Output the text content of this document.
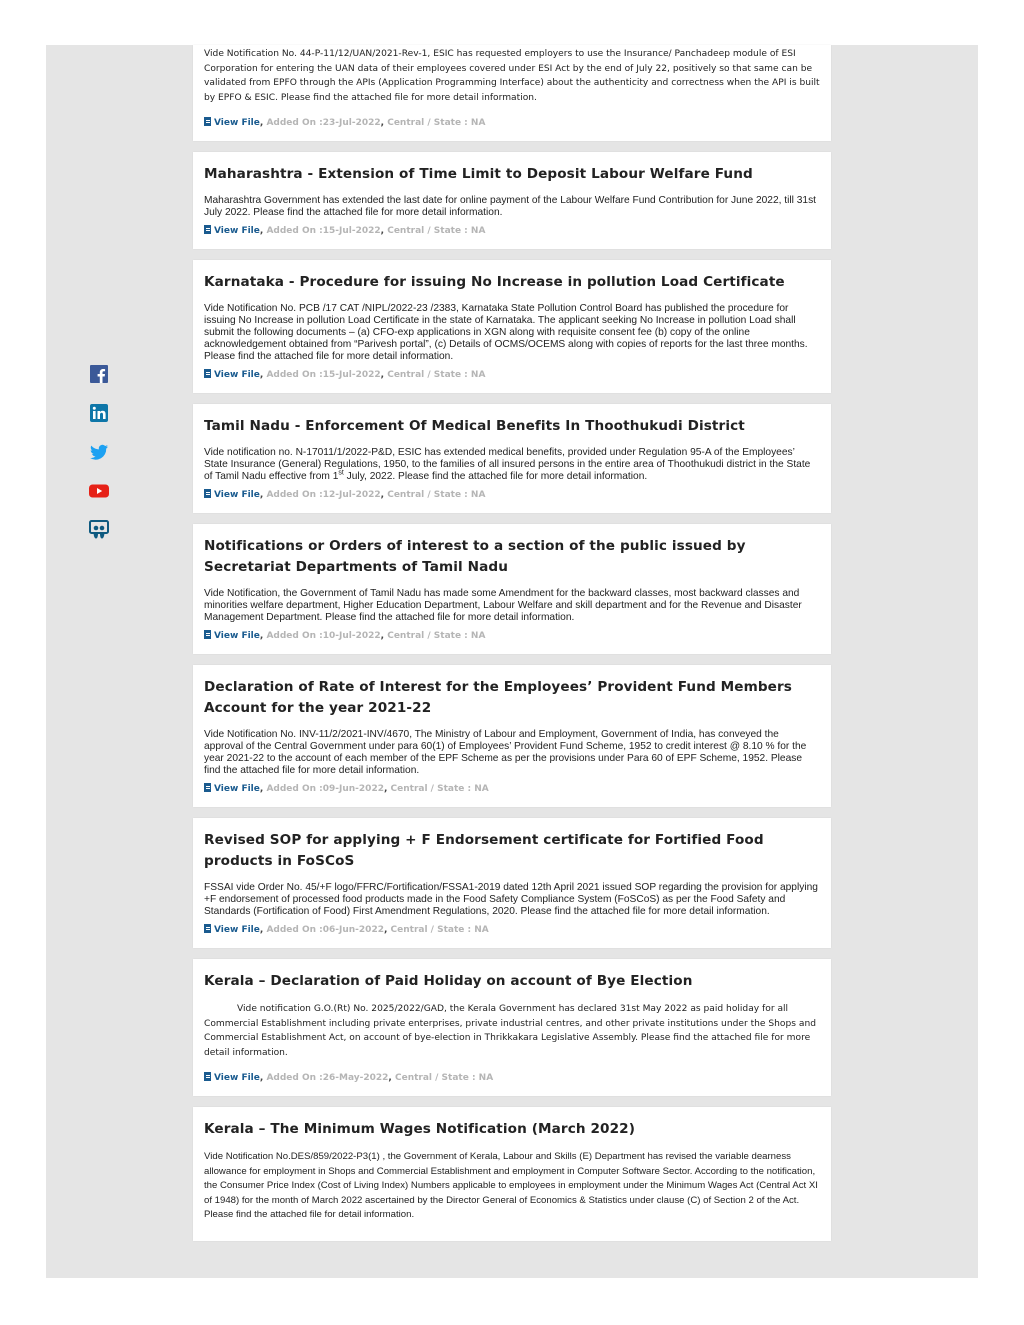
Vide Notification No. 44-P-11/12/UAN/2021-Rev-1, ESIC has requested employers to use the Insurance/ Panchadeep module of ESI Corporation for entering the UAN data of their employees covered under ESI Act by the end of July 22, positively so that same can be validated from EPFO through the APIs (Application Programming Interface) about the authenticity and correctness when the API is built by EPFO & ESIC. Please find the attached file for more detail information.

View File, Added On :23-Jul-2022, Central / State : NA
Maharashtra - Extension of Time Limit to Deposit Labour Welfare Fund

Maharashtra Government has extended the last date for online payment of the Labour Welfare Fund Contribution for June 2022, till 31st July 2022. Please find the attached file for more detail information.

View File, Added On :15-Jul-2022, Central / State : NA
Karnataka - Procedure for issuing No Increase in pollution Load Certificate

Vide Notification No. PCB /17 CAT /NIPL/2022-23 /2383, Karnataka State Pollution Control Board has published the procedure for issuing No Increase in pollution Load Certificate in the state of Karnataka. The applicant seeking No Increase in pollution Load shall submit the following documents – (a) CFO-exp applications in XGN along with requisite consent fee (b) copy of the online acknowledgement obtained from “Parivesh portal”, (c) Details of OCMS/OCEMS along with copies of reports for the last three months. Please find the attached file for more detail information.

View File, Added On :15-Jul-2022, Central / State : NA
Tamil Nadu - Enforcement Of Medical Benefits In Thoothukudi District

Vide notification no. N-17011/1/2022-P&D, ESIC has extended medical benefits, provided under Regulation 95-A of the Employees’ State Insurance (General) Regulations, 1950, to the families of all insured persons in the entire area of Thoothukudi district in the State of Tamil Nadu effective from 1st July, 2022. Please find the attached file for more detail information.

View File, Added On :12-Jul-2022, Central / State : NA
Notifications or Orders of interest to a section of the public issued by Secretariat Departments of Tamil Nadu

Vide Notification, the Government of Tamil Nadu has made some Amendment for the backward classes, most backward classes and minorities welfare department, Higher Education Department, Labour Welfare and skill department and for the Revenue and Disaster Management Department. Please find the attached file for more detail information.

View File, Added On :10-Jul-2022, Central / State : NA
Declaration of Rate of Interest for the Employees’ Provident Fund Members Account for the year 2021-22

Vide Notification No. INV-11/2/2021-INV/4670, The Ministry of Labour and Employment, Government of India, has conveyed the approval of the Central Government under para 60(1) of Employees’ Provident Fund Scheme, 1952 to credit interest @ 8.10 % for the year 2021-22 to the account of each member of the EPF Scheme as per the provisions under Para 60 of EPF Scheme, 1952. Please find the attached file for more detail information.

View File, Added On :09-Jun-2022, Central / State : NA
Revised SOP for applying + F Endorsement certificate for Fortified Food products in FoSCoS

FSSAI vide Order No. 45/+F logo/FFRC/Fortification/FSSA1-2019 dated 12th April 2021 issued SOP regarding the provision for applying +F endorsement of processed food products made in the Food Safety Compliance System (FoSCoS) as per the Food Safety and Standards (Fortification of Food) First Amendment Regulations, 2020. Please find the attached file for more detail information.

View File, Added On :06-Jun-2022, Central / State : NA
Kerala – Declaration of Paid Holiday on account of Bye Election

Vide notification G.O.(Rt) No. 2025/2022/GAD, the Kerala Government has declared 31st May 2022 as paid holiday for all Commercial Establishment including private enterprises, private industrial centres, and other private institutions under the Shops and Commercial Establishment Act, on account of bye-election in Thrikkakara Legislative Assembly. Please find the attached file for more detail information.

View File, Added On :26-May-2022, Central / State : NA
Kerala – The Minimum Wages Notification (March 2022)

Vide Notification No.DES/859/2022-P3(1) , the Government of Kerala, Labour and Skills (E) Department has revised the variable dearness allowance for employment in Shops and Commercial Establishment and employment in Computer Software Sector. According to the notification, the Consumer Price Index (Cost of Living Index) Numbers applicable to employees in employment under the Minimum Wages Act (Central Act XI of 1948) for the month of March 2022 ascertained by the Director General of Economics & Statistics under clause (C) of Section 2 of the Act. Please find the attached file for detail information.
